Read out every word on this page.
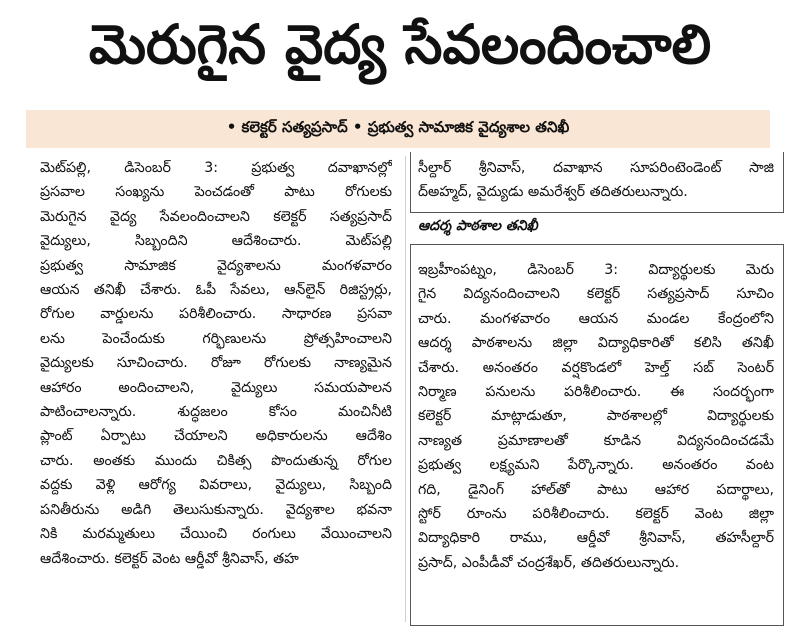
మెరుగైన వైద్య సేవలందించాలి
• కలెక్టర్ సత్యప్రసాద్ • ప్రభుత్వ సామాజిక వైద్యశాల తనిఖీ
మెట్‌పల్లి, డిసెంబర్ 3: ప్రభుత్వ దవాఖానల్లో
ప్రసవాల సంఖ్యను పెంచడంతో పాటు రోగులకు
మెరుగైన వైద్య సేవలందించాలని కలెక్టర్ సత్యప్రసాద్
వైద్యులు, సిబ్బందిని ఆదేశించారు. మెట్‌పల్లి
ప్రభుత్వ సామాజిక వైద్యశాలను మంగళవారం
ఆయన తనిఖీ చేశారు. ఓపీ సేవలు, ఆన్‌లైన్ రిజిస్ట్రర్లు,
రోగుల వార్డులను పరిశీలించారు. సాధారణ ప్రసవా
లను పెంచేందుకు గర్భిణులను ప్రోత్సహించాలని
వైద్యులకు సూచించారు. రోజూ రోగులకు నాణ్యమైన
ఆహారం అందించాలని, వైద్యులు సమయపాలన
పాటించాలన్నారు. శుద్ధజలం కోసం మంచినీటి
ప్లాంట్ ఏర్పాటు చేయాలని అధికారులను ఆదేశిం
చారు. అంతకు ముందు చికిత్స పొందుతున్న రోగుల
వద్దకు వెళ్లి ఆరోగ్య వివరాలు, వైద్యులు, సిబ్బంది
పనితీరును అడిగి తెలుసుకున్నారు. వైద్యశాల భవనా
నికి మరమ్మతులు చేయించి రంగులు వేయించాలని
ఆదేశించారు. కలెక్టర్ వెంట ఆర్డీవో శ్రీనివాస్, తహ
సీల్దార్ శ్రీనివాస్, దవాఖాన సూపరింటెండెంట్ సాజి
ద్‌అహ్మద్, వైద్యుడు అమరేశ్వర్ తదితరులున్నారు.
ఆదర్శ పాఠశాల తనిఖీ
ఇబ్రహీంపట్నం, డిసెంబర్ 3: విద్యార్థులకు మెరు
గైన విద్యనందించాలని కలెక్టర్ సత్యప్రసాద్ సూచిం
చారు. మంగళవారం ఆయన మండల కేంద్రంలోని
ఆదర్శ పాఠశాలను జిల్లా విద్యాధికారితో కలిసి తనిఖీ
చేశారు. అనంతరం వర్షకొండలో హెల్త్ సబ్ సెంటర్
నిర్మాణ పనులను పరిశీలించారు. ఈ సందర్భంగా
కలెక్టర్ మాట్లాడుతూ, పాఠశాలల్లో విద్యార్థులకు
నాణ్యత ప్రమాణాలతో కూడిన విద్యనందించడమే
ప్రభుత్వ లక్ష్యమని పేర్కొన్నారు. అనంతరం వంట
గది, డైనింగ్ హాల్‌తో పాటు ఆహార పదార్థాలు,
స్టోర్ రూంను పరిశీలించారు. కలెక్టర్ వెంట జిల్లా
విద్యాధికారి రాము, ఆర్డీవో శ్రీనివాస్, తహసీల్దార్
ప్రసాద్, ఎంపీడీవో చంద్రశేఖర్, తదితరులున్నారు.
